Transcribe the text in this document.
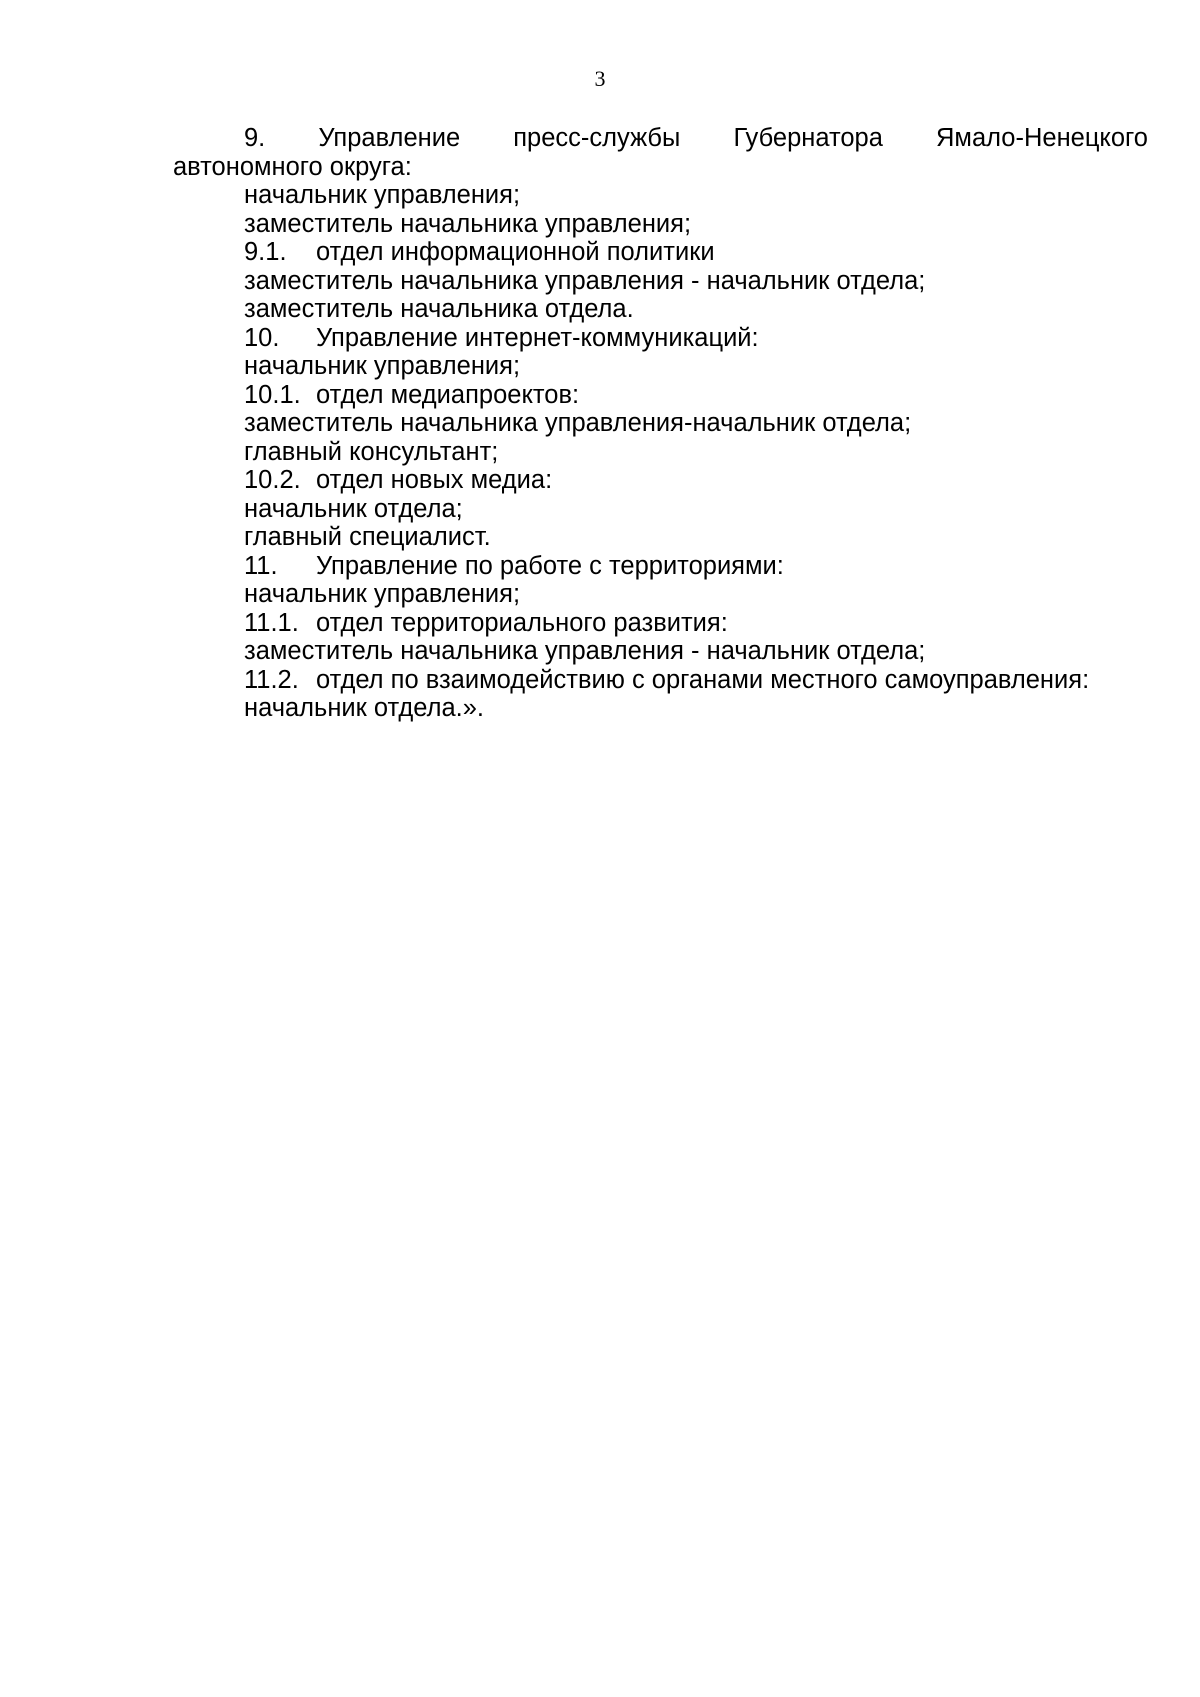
3
9. Управление пресс-службы Губернатора Ямало-Ненецкого
автономного округа:
начальник управления;
заместитель начальника управления;
9.1. отдел информационной политики
заместитель начальника управления - начальник отдела;
заместитель начальника отдела.
10. Управление интернет-коммуникаций:
начальник управления;
10.1. отдел медиапроектов:
заместитель начальника управления-начальник отдела;
главный консультант;
10.2. отдел новых медиа:
начальник отдела;
главный специалист.
11. Управление по работе с территориями:
начальник управления;
11.1. отдел территориального развития:
заместитель начальника управления - начальник отдела;
11.2. отдел по взаимодействию с органами местного самоуправления:
начальник отдела.».
